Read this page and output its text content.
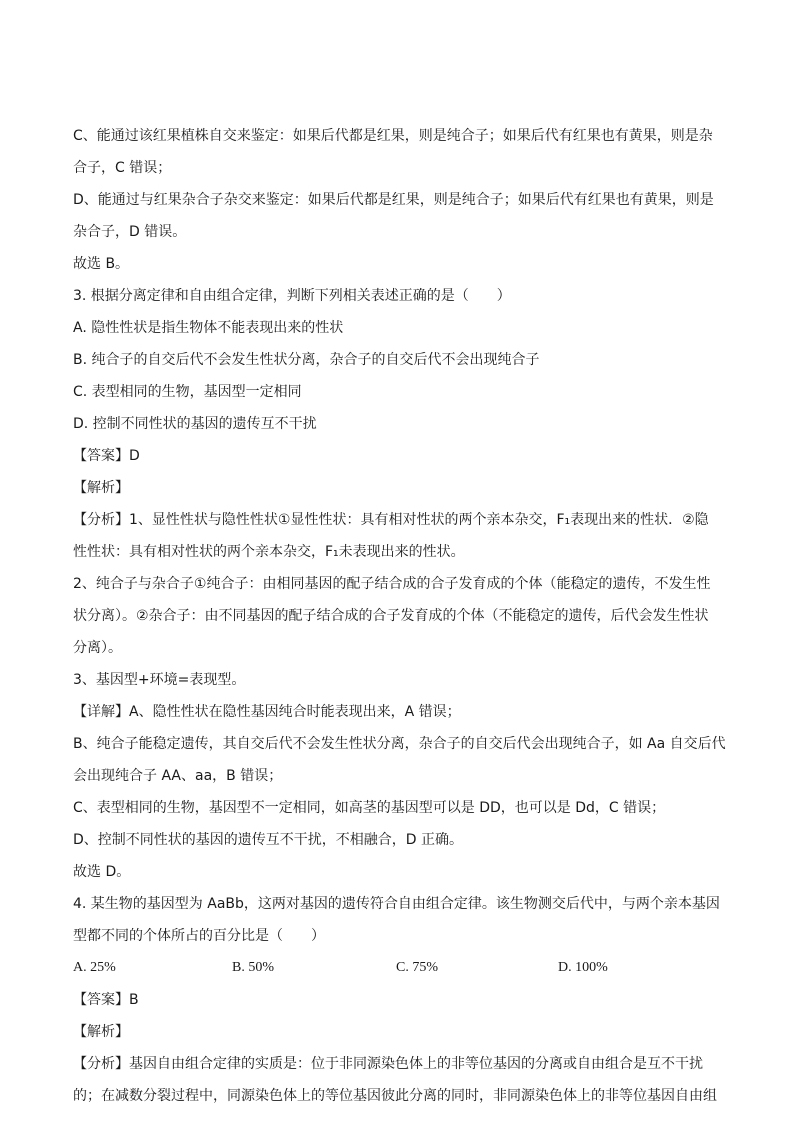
C、能通过该红果植株自交来鉴定：如果后代都是红果，则是纯合子；如果后代有红果也有黄果，则是杂
合子，C 错误；
D、能通过与红果杂合子杂交来鉴定：如果后代都是红果，则是纯合子；如果后代有红果也有黄果，则是
杂合子，D 错误。
故选 B。
3. 根据分离定律和自由组合定律，判断下列相关表述正确的是（　　）
A. 隐性性状是指生物体不能表现出来的性状
B. 纯合子的自交后代不会发生性状分离，杂合子的自交后代不会出现纯合子
C. 表型相同的生物，基因型一定相同
D. 控制不同性状的基因的遗传互不干扰
【答案】D
【解析】
【分析】1、显性性状与隐性性状①显性性状：具有相对性状的两个亲本杂交，F₁表现出来的性状．②隐
性性状：具有相对性状的两个亲本杂交，F₁未表现出来的性状。
2、纯合子与杂合子①纯合子：由相同基因的配子结合成的合子发育成的个体（能稳定的遗传，不发生性
状分离）。②杂合子：由不同基因的配子结合成的合子发育成的个体（不能稳定的遗传，后代会发生性状
分离）。
3、基因型+环境=表现型。
【详解】A、隐性性状在隐性基因纯合时能表现出来，A 错误；
B、纯合子能稳定遗传，其自交后代不会发生性状分离，杂合子的自交后代会出现纯合子，如 Aa 自交后代
会出现纯合子 AA、aa，B 错误；
C、表型相同的生物，基因型不一定相同，如高茎的基因型可以是 DD，也可以是 Dd，C 错误；
D、控制不同性状的基因的遗传互不干扰，不相融合，D 正确。
故选 D。
4. 某生物的基因型为 AaBb，这两对基因的遗传符合自由组合定律。该生物测交后代中，与两个亲本基因
型都不同的个体所占的百分比是（　　）
A. 25%	B. 50%	C. 75%	D. 100%
【答案】B
【解析】
【分析】基因自由组合定律的实质是：位于非同源染色体上的非等位基因的分离或自由组合是互不干扰
的；在减数分裂过程中，同源染色体上的等位基因彼此分离的同时，非同源染色体上的非等位基因自由组
